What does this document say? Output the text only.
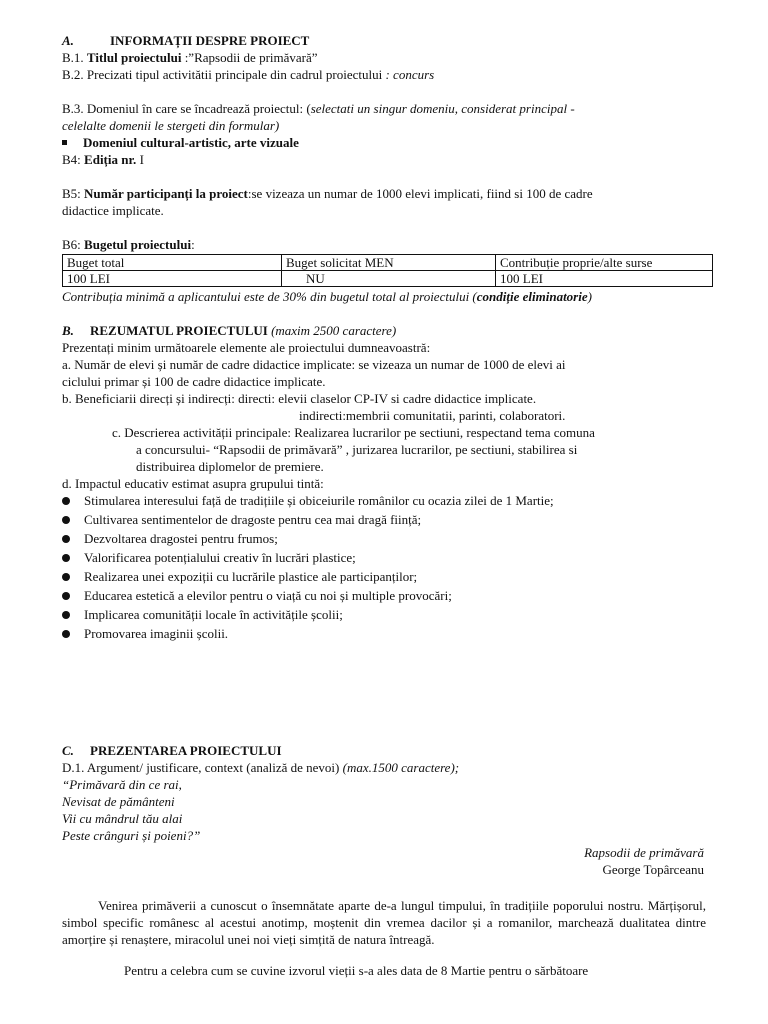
A.	INFORMAȚII DESPRE PROIECT
B.1. Titlul proiectului :”Rapsodii de primăvară”
B.2. Precizati tipul activitătii principale din cadrul proiectului : concurs
B.3. Domeniul în care se încadrează proiectul: (selectati un singur domeniu, considerat principal -
celelalte domenii le stergeti din formular)
Domeniul cultural-artistic, arte vizuale
B4: Ediția nr. I
B5: Număr participanți la proiect:se vizeaza un numar de 1000 elevi implicati, fiind si 100 de cadre
didactice implicate.
B6: Bugetul proiectului:
Buget total	Buget solicitat MEN	Contribuție proprie/alte surse
100 LEI	NU	100 LEI
Contribuția minimă a aplicantului este de 30% din bugetul total al proiectului (condiție eliminatorie)
B. REZUMATUL PROIECTULUI (maxim 2500 caractere)
Prezentați minim următoarele elemente ale proiectului dumneavoastră:
a. Număr de elevi și număr de cadre didactice implicate: se vizeaza un numar de 1000 de elevi ai
ciclului primar și 100 de cadre didactice implicate.
b. Beneficiarii direcți și indirecți: directi: elevii claselor CP-IV si cadre didactice implicate.
indirecti:membrii comunitatii, parinti, colaboratori.
c. Descrierea activității principale: Realizarea lucrarilor pe sectiuni, respectand tema comuna
a concursului- “Rapsodii de primăvară” , jurizarea lucrarilor, pe sectiuni, stabilirea si
distribuirea diplomelor de premiere.
d. Impactul educativ estimat asupra grupului tintă:
Stimularea interesului față de tradițiile și obiceiurile românilor cu ocazia zilei de 1 Martie;
Cultivarea sentimentelor de dragoste pentru cea mai dragă ființă;
Dezvoltarea dragostei pentru frumos;
Valorificarea potențialului creativ în lucrări plastice;
Realizarea unei expoziții cu lucrările plastice ale participanților;
Educarea estetică a elevilor pentru o viață cu noi și multiple provocări;
Implicarea comunității locale în activitățile școlii;
Promovarea imaginii școlii.
C. PREZENTAREA PROIECTULUI
D.1. Argument/ justificare, context (analiză de nevoi) (max.1500 caractere);
“Primăvară din ce rai,
Nevisat de pământeni
Vii cu mândrul tău alai
Peste crânguri și poieni?”
Rapsodii de primăvară
George Topârceanu
Venirea primăverii a cunoscut o însemnătate aparte de-a lungul timpului, în tradițiile poporului nostru. Mărțișorul, simbol specific românesc al acestui anotimp, moștenit din vremea dacilor și a romanilor, marchează dualitatea dintre amorțire și renaștere, miracolul unei noi vieți simțită de natura întreagă.
Pentru a celebra cum se cuvine izvorul vieții s-a ales data de 8 Martie pentru o sărbătoare
